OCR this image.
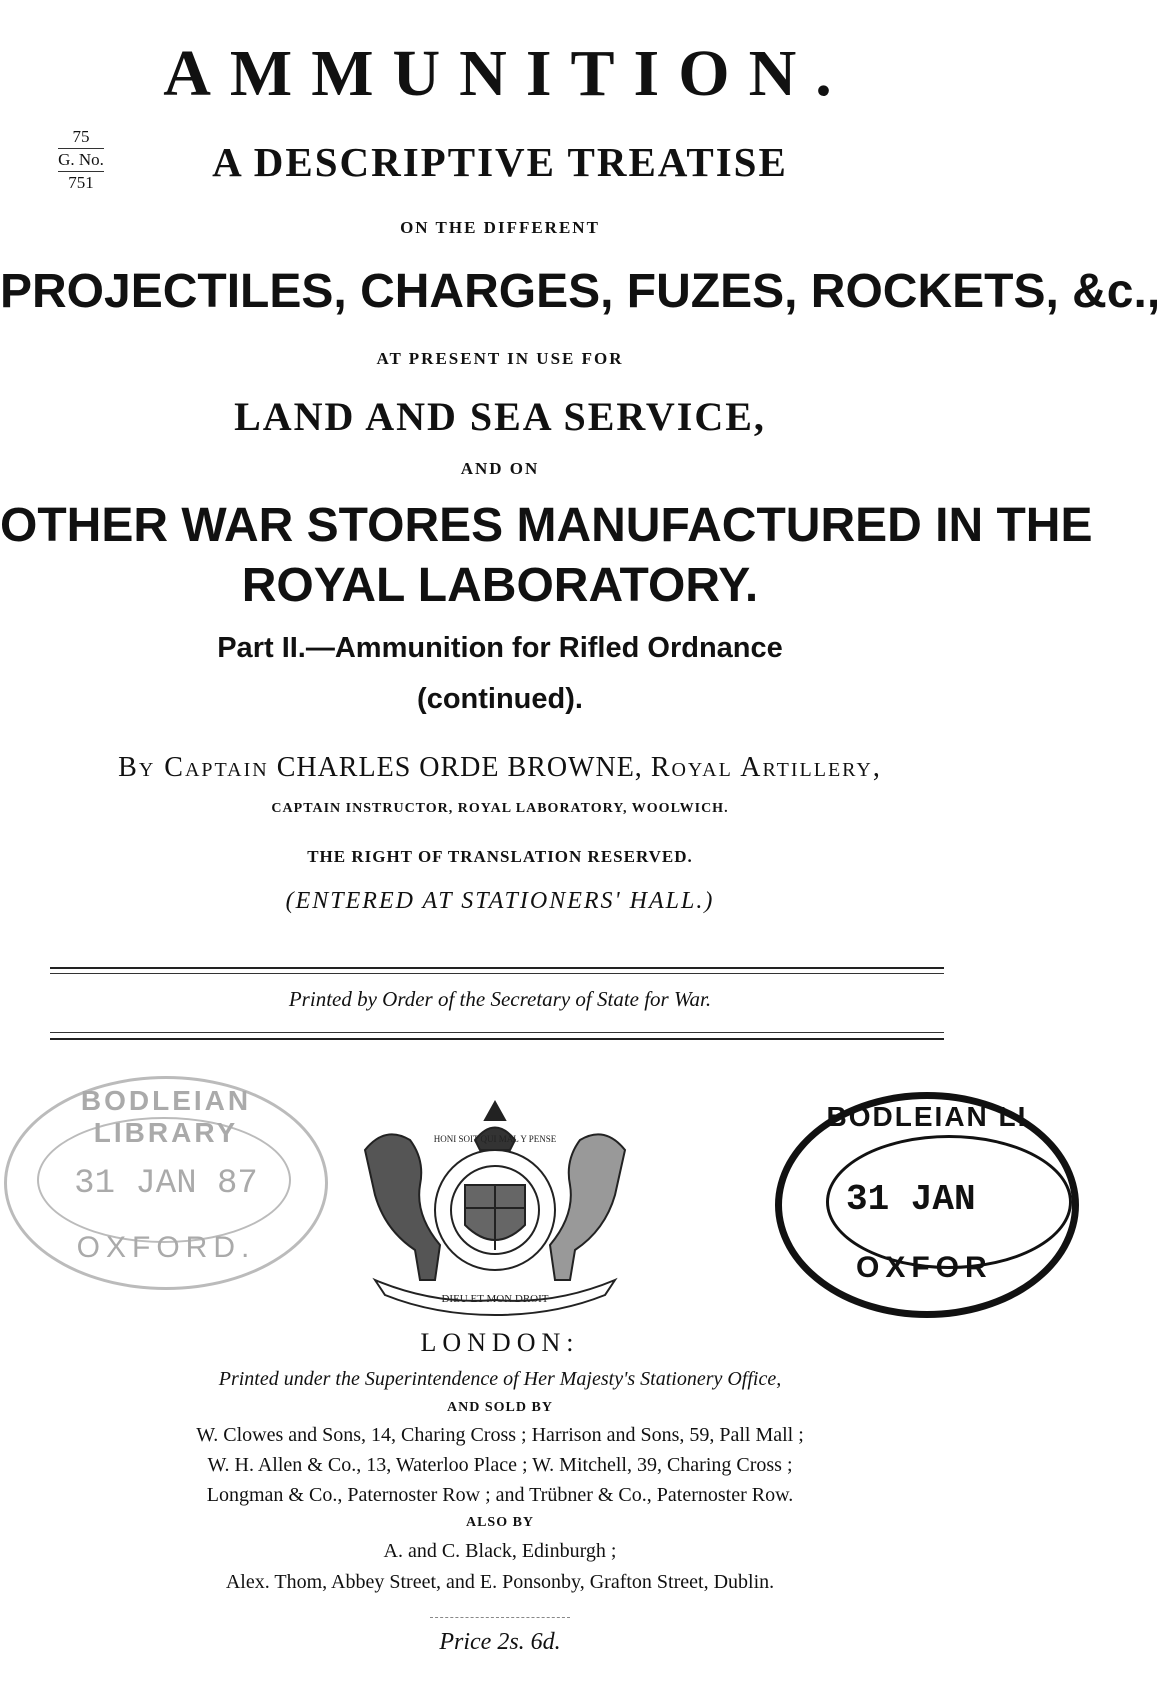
75
G. No.
751
AMMUNITION.
A DESCRIPTIVE TREATISE
ON THE DIFFERENT
PROJECTILES, CHARGES, FUZES, ROCKETS, &c.,
AT PRESENT IN USE FOR
LAND AND SEA SERVICE,
AND ON
OTHER WAR STORES MANUFACTURED IN THE
ROYAL LABORATORY.
Part II.—Ammunition for Rifled Ordnance
(continued).
By Captain CHARLES ORDE BROWNE, Royal Artillery,
CAPTAIN INSTRUCTOR, ROYAL LABORATORY, WOOLWICH.
THE RIGHT OF TRANSLATION RESERVED.
(ENTERED AT STATIONERS' HALL.)
Printed by Order of the Secretary of State for War.
BODLEIAN LIBRARY
31 JAN 87
OXFORD.
HONI SOIT QUI MAL Y PENSE
DIEU ET MON DROIT
BODLEIAN LI
31 JAN
OXFOR
LONDON:
Printed under the Superintendence of Her Majesty's Stationery Office,
AND SOLD BY
W. Clowes and Sons, 14, Charing Cross ; Harrison and Sons, 59, Pall Mall ;
W. H. Allen & Co., 13, Waterloo Place ; W. Mitchell, 39, Charing Cross ;
Longman & Co., Paternoster Row ; and Trübner & Co., Paternoster Row.
ALSO BY
A. and C. Black, Edinburgh ;
Alex. Thom, Abbey Street, and E. Ponsonby, Grafton Street, Dublin.
Price 2s. 6d.
